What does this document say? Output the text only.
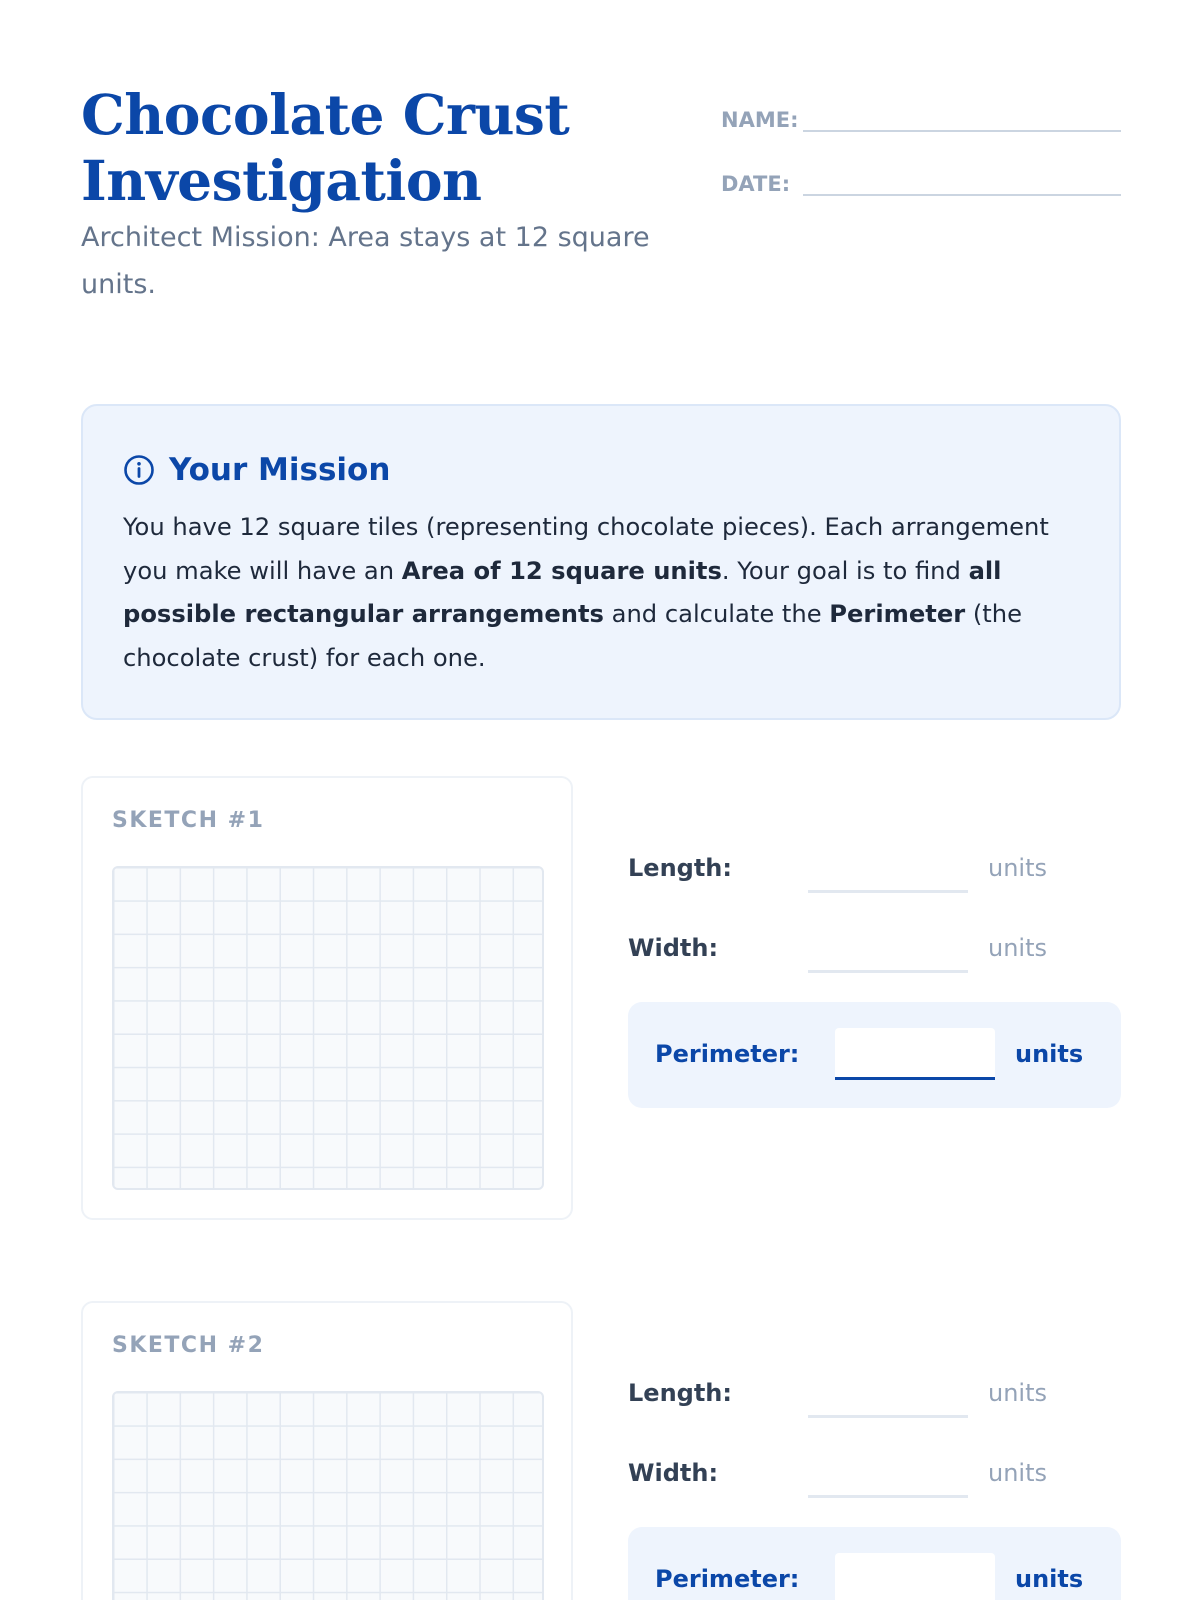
Chocolate Crust Investigation
Architect Mission: Area stays at 12 square units.
NAME:
DATE:
Your Mission

You have 12 square tiles (representing chocolate pieces). Each arrangement you make will have an Area of 12 square units. Your goal is to find all possible rectangular arrangements and calculate the Perimeter (the chocolate crust) for each one.

SKETCH #1
Length:	units
Width:	units
Perimeter:	units
SKETCH #2
Length:	units
Width:	units
Perimeter:	units
